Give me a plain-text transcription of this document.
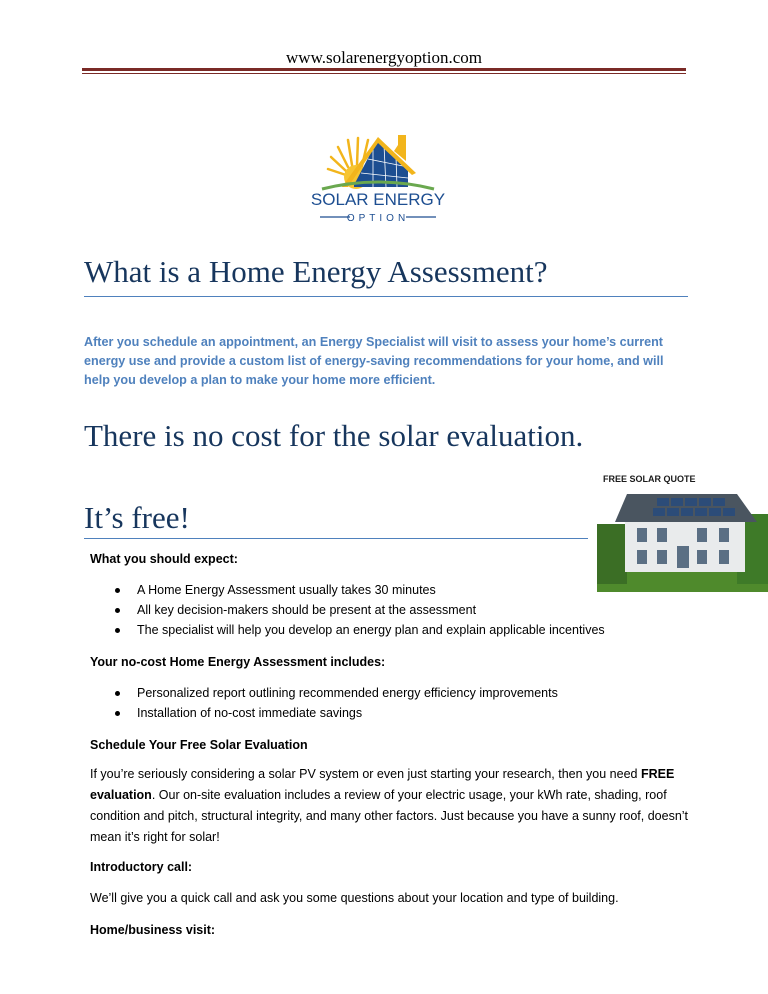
www.solarenergyoption.com
SOLAR ENERGY
OPTION
What is a Home Energy Assessment?

After you schedule an appointment, an Energy Specialist will visit to assess your home’s current energy use and provide a custom list of energy-saving recommendations for your home, and will help you develop a plan to make your home more efficient.

There is no cost for the solar evaluation.
It’s free!
FREE SOLAR QUOTE

What you should expect:

A Home Energy Assessment usually takes 30 minutes
All key decision-makers should be present at the assessment
The specialist will help you develop an energy plan and explain applicable incentives

Your no-cost Home Energy Assessment includes:

Personalized report outlining recommended energy efficiency improvements
Installation of no-cost immediate savings

Schedule Your Free Solar Evaluation

If you’re seriously considering a solar PV system or even just starting your research, then you need FREE evaluation. Our on-site evaluation includes a review of your electric usage, your kWh rate, shading, roof condition and pitch, structural integrity, and many other factors. Just because you have a sunny roof, doesn’t mean it’s right for solar!

Introductory call:

We’ll give you a quick call and ask you some questions about your location and type of building.

Home/business visit:
